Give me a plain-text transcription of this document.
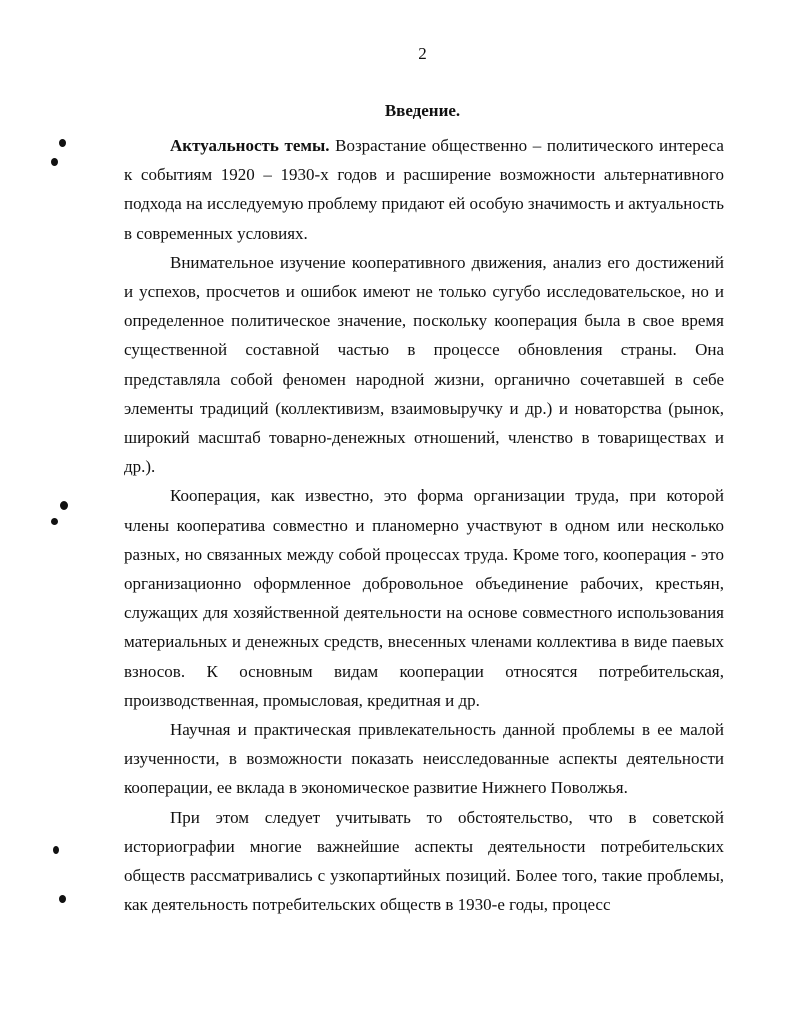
2
Введение.

Актуальность темы. Возрастание общественно – политического интереса к событиям 1920 – 1930-х годов и расширение возможности альтернативного подхода на исследуемую проблему придают ей особую значимость и актуальность в современных условиях.

Внимательное изучение кооперативного движения, анализ его достижений и успехов, просчетов и ошибок имеют не только сугубо исследовательское, но и определенное политическое значение, поскольку кооперация была в свое время существенной составной частью в процессе обновления страны. Она представляла собой феномен народной жизни, органично сочетавшей в себе элементы традиций (коллективизм, взаимовыручку и др.) и новаторства (рынок, широкий масштаб товарно-денежных отношений, членство в товариществах и др.).

Кооперация, как известно, это форма организации труда, при которой члены кооператива совместно и планомерно участвуют в одном или несколько разных, но связанных между собой процессах труда. Кроме того, кооперация - это организационно оформленное добровольное объединение рабочих, крестьян, служащих для хозяйственной деятельности на основе совместного использования материальных и денежных средств, внесенных членами коллектива в виде паевых взносов. К основным видам кооперации относятся потребительская, производственная, промысловая, кредитная и др.

Научная и практическая привлекательность данной проблемы в ее малой изученности, в возможности показать неисследованные аспекты деятельности кооперации, ее вклада в экономическое развитие Нижнего Поволжья.

При этом следует учитывать то обстоятельство, что в советской историографии многие важнейшие аспекты деятельности потребительских обществ рассматривались с узкопартийных позиций. Более того, такие проблемы, как деятельность потребительских обществ в 1930-е годы, процесс
